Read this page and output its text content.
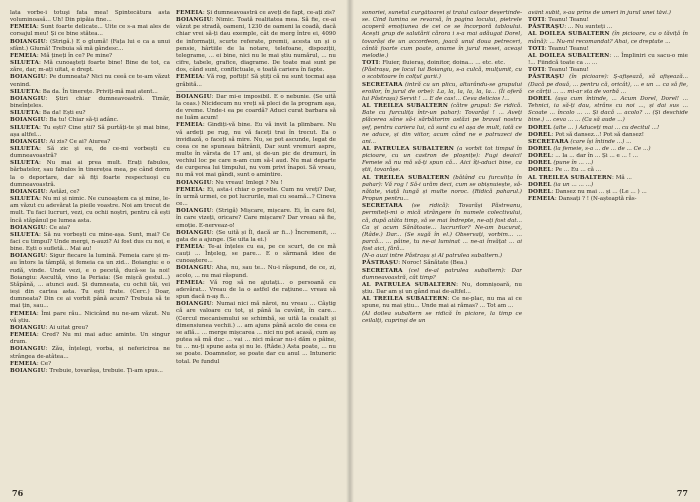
lata vorbe-i totuşi fata mea! Spintecătura asta voluminoasă... Uh! Din pipăia fine...

FEMEIA: Sunt foarte delicate... Uite ce s-a mai ales de corsajul meu! Și ce bine stătea...

BOIANGIU: (Strigă.) E o glumă! (Fața lui e ca a unui sfânt.) Glumă! Trebuia să mă gândesc...

FEMEIA: Mă țineți în ce? Pe mine?

SILUETA: Mă cunoaşteți foarte bine! Bine de tot, ca zăre, dar, m-ați uitat, e drept.

BOIANGIU: Pe dumneata? Nici nu ceeǎ ce te-am văzut venind.

SILUETA: Ba da. În tinerețe. Priviți-mă mai atent...

BOIANGIU: Știri chiar dumneavoastră. Timăr, bineînțeles.

SILUETA: Ba da! Ești eu?

BOIANGIU: Ba tu! Chiar să-ți adânc.

SILUETA: Tu ești? Cine știi? Să purtăți-te şi mai bine, așa altfel...

BOIANGIU: Ai zis? Ce ai? Aiurea?

SILUETA: Să zic şi eu, de ce-mi vorbești cu dumneavoastră?

SILUETA: Nu mai ai prea mult. Erați fabulos, bărbatelor, sau fabulos în tinerețea mea, pe când dorm la o deportare, dar să fiți foarte respectuoși cu dumneavoastră.

BOIANGIU: Astăzi, ce?

SILUETA: Nu mi și nimic. Ne cunoaștem ca și mine, le-am văzut cu adevărat la pieile voastre. Noi am trecut de mult. Tu faci lucruri, vezi, cu ochii noștri, pentru că ești încă stăpânul pe lumea asta.

BOIANGIU: Ce aia?

SILUETA: Să nu vorbești cu mine-așa. Sunt, mai? Ce faci cu timpul? Unde mergi, n-auzi? Ai fost dus cu noi, e bine. Ești o sufletă... Mai au!

BOIANGIU: Sigur fiecare la lumină. Femeia care și m-au întors la tâmplă, și femeia ca un zid... Boiangiu: e o rudă, vinde. Unde vezi, e o pecetă, ducă-se la noi! Boiangiu: Ascultă, vino la Periaia: (Se mișcă gestul...) Stăpână, ... atunci aud. Și dumneata, cu ochii tăi, vei ieși din cartea asta. Tu ești frate. (Cerc.) Doar, dumneata? Din ce ai vorbit până acum? Trebuia să te mai țin, sau...

FEMEIA: Îmi pare rău.. Nicicând nu ne-am văzut. Nu vă știu.

BOIANGIU: Ai uitat greu?

FEMEIA: Cred? Nu mi mai aduc aminte. Un singur drum.

BOIANGIU: Zău, înțelegi, vorba, și nefericirea ne strângea de-atâtea...

FEMEIA: Ce?

BOIANGIU: Trebuie, tovarășa, trebuie. Ți-am spus...

FEMEIA: Și dumneavoastră ce aveți de fapt, ce-ați zis?

BOIANGIU: Nimic. Toată realitatea mea. Să fie, ce-ai văzut pe stradă, oameni, 1230 de oameni la coadă, dacă chiar vrei să-ți dau exemple, cât de merg între ei, 4090 de informații, scurte referate, premii, acesta un și o pensie, hârtiile de la notare, telefoane, dispoziții, telegrame, ... ei bine, nici nu le mai știu numărul, ... nu cifre, tabele, grafice, diagrame. De toate mai sunt pe dos, când sunt, conflictuale, e toată cariera în fapte.

FEMEIA: Vă rog, poftiți! Să știți că nu sunt tocmai așa grăbită...

BOIANGIU: Dar mi-e imposibil. E o nebunie. (Se uită la ceas.) Nicidecum nu vreți să pleci de la program aşa, de vreme. Unde-i ea pe coardă? Aduci curat barbara să ne luăm acum!

FEMEIA: Gindiți-vă bine. Eu vă invit la plimbare. Nu vă ardeți pe rug, nu vă faceți trai în trecut. Ea o invidiază, o faceți să mire. Nu, se pot ascunde, legat de ceea ce ne spuneau bătrânii, Dar sunt vremuri aspre, multe în vârsta de 17 ani, și de-un pic de drumuri, în vechiul loc pe care n-am cum să-l aud. Nu mai departe de curgerea lui timpului, nu vom privi înapoi. Să vreau, nu mă voi mai gândi, sunt o amintire.

BOIANGIU: Nu vreau! Imlegi ? Nu !

FEMEIA: Ei, asta-i chiar o prostie. Cum nu vreți? Dar, în urmă urmei, ce pot lucrurile, mai cu seamă...? Cineva ce...

BOIANGIU: (Strigă) Mișcare, mișcare. Ei, în care fel, în care vizeți, oricare? Care mișcare? Dar vreau să fie, emoție. E-nerveaz-o!

BOIANGIU: (Se uită și Îl, dacă ar fi...) Încremenit, ... gata de a ajunge. (Se uita la ei.)

FEMEIA: Te-ai înțeles cu ea, pe ce scurt, de ce mă cauți ... Înțeleg, se pare... E o sărmană idee de cunoaștere...

BOIANGIU: Aha, nu, sau te... Nu-i răspund, de ce, zi, acolo, ... nu mai răspund.

FEMEIA: Vă rog să ne ajutați... o persoană cu adevărat... Vreau de la o astfel de rațiune... vreau să spun dacă n-aș fi...

BOIANGIU: Numai nici mă năroi, nu vreau ... Câștig că are valoare cu tot, și până la cuvânt, în care... (Cercul mecanismului se schimbă, se uită la cealalt și dimensiunea vechii.) ... am ajuns până acolo de ceea ce se află... ... merge mișcarea ... nici nu pot acasă, cum aș putea să mă duc ... vai ... nici măcar nu-i dăm o pâine, tu ... nu-ți spune asta și nu le. (Râde.) Asta poate, ... nu se poate. Doamnelor, se poate dar cu anul ... Intuneric total. Pe fundul

76

sonoriei, sunetul curgătoarei și traiul culoar deșertinde-se. Cind lumina se revarsă, în pagina locului, pietrele acoperă emoțiunea de cei ce se încorporă tabloului. Acești grup de salutării cărora i s-a mai adăugat Dorel, tovarăși de un accordeon, joacă unul doua petreceri, cântă foarte cum poate, anume în jurul mesei, aceași melodie.)

TOTI: Fluier, fluieraș, doinitor, doina... ... etc. etc.

(Păstrașu, pe locul lui Boiangiu, s-a culcă, mulțumit, cu o scobitoare în colțul gurii.)

SECRETARA (intră cu un plicu, alturându-se grupului eroilor, în jurul de orbe): La, la, la, la, la, la... (Îi oferă lui Păstrașu) Servit ! ... E de cas!... Ceva delicios !...

AL TREILEA SUBALTERN (către grupul: Se ridică. Bate cu furculița într-un pahar): Tovarăși ! ... Aveți plăcerea săne să-i sărbătorim astăzi pe bravul nostru șef, pentru cariera lui, că sunt cu el așa de mult, iată ce ne aduce, și din viitor, acum când ne e patruzeci de ani...

AL PATRULEA SUBALTERN (a vorbit tot timpul în picioare, cu un castron de ploșnițe): Fugi deaici! Femeie să nu mă să-ți spun că... Aici îți-aduci bine, ca știi, tovarășe.

AL TREILEA SUBALTERN (bătând cu furculița în pahar): Vă rog ! Să-i urăm deci, cum se obișnuiește, sănătate, viață lungă și multe noroc. (Ridică paharul.) Propun pentru...

SECRETARA (se ridică): Tovarăși Păstreanu, permiteți-mi o mică strângere în numele colectivului, că, după atâta timp, să se mai îndrepte, ne-ați fost dat... Ca și acum Sănătoaie... lucrurilor? Ne-am bucurat, (Râde.) Dar... (Se sugă în el.) Observați, vorbim... ... parcă... ... pâine, tu ne-ai luminat ... ne-ai învățat ... ai fost aici, fără...

(N-o auzi intre Păstrașu și Al patrulea subaltern.)

PĂSTRAȘU: Noroc! Sănătate (Bea.)

SECRETARA (cel de-al patrulea subaltern): Dar dumneavoastră, cât timp?

AL PATRULEA SUBALTERN: Nu, domnișoară, nu știu. Dar am și un gând mai de-altfel...

AL TREILEA SUBALTERN: Ce ne-plac, nu ma ai ce spune, nu mai știu... Unde mai ai rămas? ... Tot am ...

(Al doilea subaltern se ridică în piciore, la timp ce ceilalți, cuprinși de un

avânt subit, s-au prins de umeri în jurul unei tăvi.)

TOTI: Teanu! Teanu!

PĂSTRAȘU: ... Nu sunteți ...

AL DOILEA SUBALTERN (în picioare, cu o tăviță în mână): ... Nu-mi recomandat? Ahai, ce dreptate ...

TOTI: Teanu! Teanu!

AL DOILEA SUBALTERN: ... Împliniri cu sacu-o mie !... Fiindcă toate ca ... ...

TOTI: Teanu! Teanu!

PĂSTRAȘU (în picioare): Ș-afișează, să afișează... (Dacă pe două, ... pentru că, oricât), ... e un ... ca să fie, ce cărții ... ... mi-ar sta de vorbă ...

DOREL (așa cum întinde, ... Acum Dorel, Dorel! ... Tehnici, ia să-ți dau, strâns cu noi ..., și dai sus ... Scoate ... încolo ... ... Și dacă ... acolo? ... (Și deschide bine.) ... ceva ... ... (Ca să aude ...)

DOREL (alte ... ) Aduceți mai ... cu decitul ...!

DOREL: Pot să dansez...! Pot să dansez!

SECRETARA (care își întinde ...) ...

DOREL (la femeie, s-a ... de ... de ... Ce ...)

DOREL: ... la ... dar în ... Și ... e ... ! ...

DOREL (pune în ... ...)

DOREL: Pe ... Eu ... că ...

AL TREILEA SUBALTERN: Mă ...

DOREL (ia un ... ... ...)

DOREL: Dansez nu mai ... și ... (Le ... ) ...

FEMEIA: Dansați ? ! (N-așteaptă răs-

77
